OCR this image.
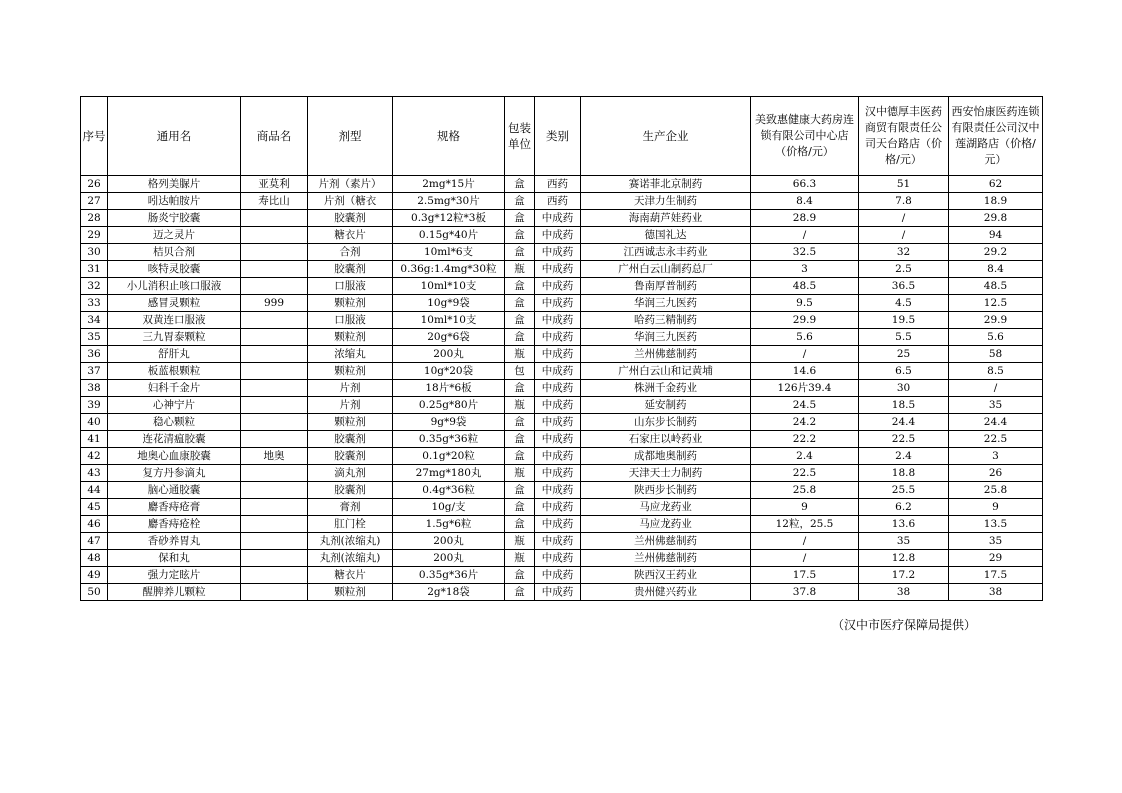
序号	通用名	商品名	剂型	规格	包装单位	类别	生产企业	美致惠健康大药房连锁有限公司中心店（价格/元）	汉中德厚丰医药商贸有限责任公司天台路店（价格/元）	西安怡康医药连锁有限责任公司汉中莲湖路店（价格/元）
26	格列美脲片	亚莫利	片剂（素片）	2mg*15片	盒	西药	赛诺菲北京制药	66.3	51	62
27	吲达帕胺片	寿比山	片剂（糖衣	2.5mg*30片	盒	西药	天津力生制药	8.4	7.8	18.9
28	肠炎宁胶囊		胶囊剂	0.3g*12粒*3板	盒	中成药	海南葫芦娃药业	28.9	/	29.8
29	迈之灵片		糖衣片	0.15g*40片	盒	中成药	德国礼达	/	/	94
30	桔贝合剂		合剂	10ml*6支	盒	中成药	江西诚志永丰药业	32.5	32	29.2
31	咳特灵胶囊		胶囊剂	0.36g:1.4mg*30粒	瓶	中成药	广州白云山制药总厂	3	2.5	8.4
32	小儿消积止咳口服液		口服液	10ml*10支	盒	中成药	鲁南厚普制药	48.5	36.5	48.5
33	感冒灵颗粒	999	颗粒剂	10g*9袋	盒	中成药	华润三九医药	9.5	4.5	12.5
34	双黄连口服液		口服液	10ml*10支	盒	中成药	哈药三精制药	29.9	19.5	29.9
35	三九胃泰颗粒		颗粒剂	20g*6袋	盒	中成药	华润三九医药	5.6	5.5	5.6
36	舒肝丸		浓缩丸	200丸	瓶	中成药	兰州佛慈制药	/	25	58
37	板蓝根颗粒		颗粒剂	10g*20袋	包	中成药	广州白云山和记黄埔	14.6	6.5	8.5
38	妇科千金片		片剂	18片*6板	盒	中成药	株洲千金药业	126片39.4	30	/
39	心神宁片		片剂	0.25g*80片	瓶	中成药	延安制药	24.5	18.5	35
40	稳心颗粒		颗粒剂	9g*9袋	盒	中成药	山东步长制药	24.2	24.4	24.4
41	连花清瘟胶囊		胶囊剂	0.35g*36粒	盒	中成药	石家庄以岭药业	22.2	22.5	22.5
42	地奥心血康胶囊	地奥	胶囊剂	0.1g*20粒	盒	中成药	成都地奥制药	2.4	2.4	3
43	复方丹参滴丸		滴丸剂	27mg*180丸	瓶	中成药	天津天士力制药	22.5	18.8	26
44	脑心通胶囊		胶囊剂	0.4g*36粒	盒	中成药	陕西步长制药	25.8	25.5	25.8
45	麝香痔疮膏		膏剂	10g/支	盒	中成药	马应龙药业	9	6.2	9
46	麝香痔疮栓		肛门栓	1.5g*6粒	盒	中成药	马应龙药业	12粒，25.5	13.6	13.5
47	香砂养胃丸		丸剂(浓缩丸)	200丸	瓶	中成药	兰州佛慈制药	/	35	35
48	保和丸		丸剂(浓缩丸)	200丸	瓶	中成药	兰州佛慈制药	/	12.8	29
49	强力定眩片		糖衣片	0.35g*36片	盒	中成药	陕西汉王药业	17.5	17.2	17.5
50	醒脾养儿颗粒		颗粒剂	2g*18袋	盒	中成药	贵州健兴药业	37.8	38	38
（汉中市医疗保障局提供）
